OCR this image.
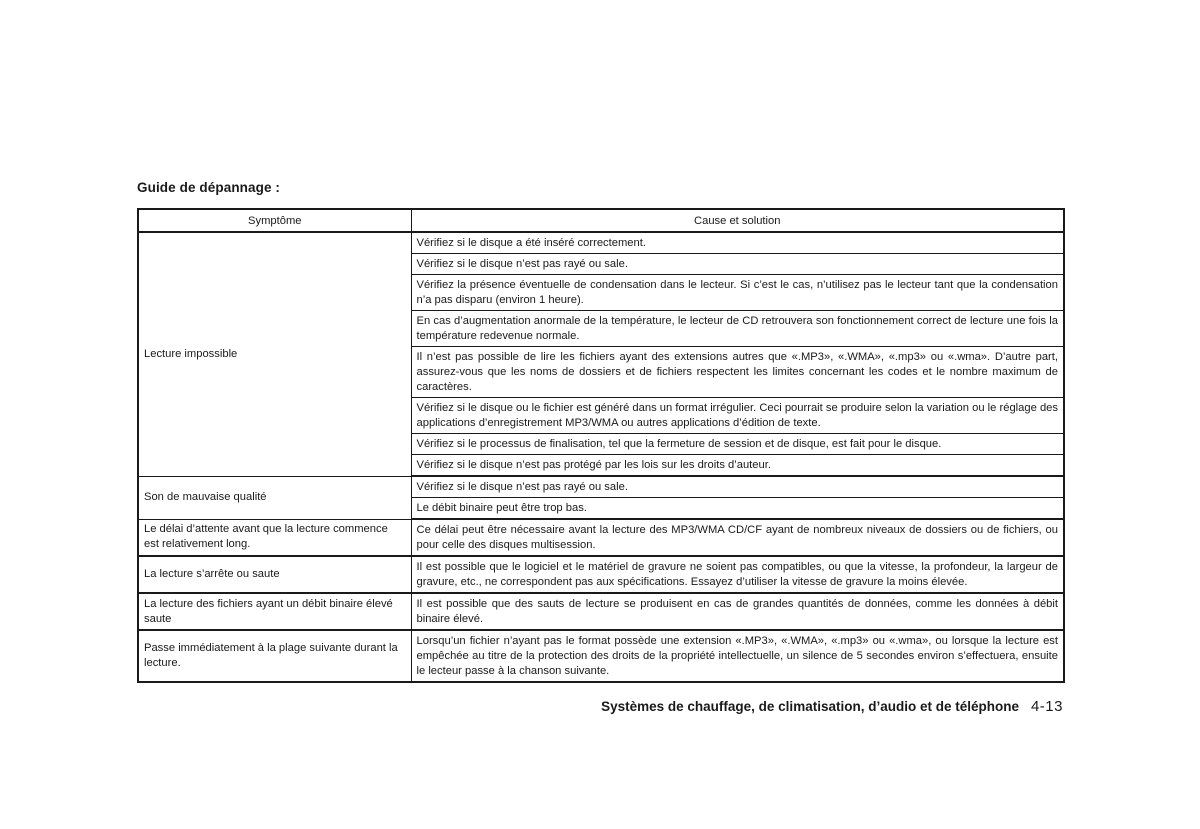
Guide de dépannage :
Symptôme	Cause et solution
Lecture impossible	Vérifiez si le disque a été inséré correctement.
	Vérifiez si le disque n’est pas rayé ou sale.
	Vérifiez la présence éventuelle de condensation dans le lecteur. Si c’est le cas, n’utilisez pas le lecteur tant que la condensation n’a pas disparu (environ 1 heure).
	En cas d’augmentation anormale de la température, le lecteur de CD retrouvera son fonctionnement correct de lecture une fois la température redevenue normale.
	Il n’est pas possible de lire les fichiers ayant des extensions autres que «.MP3», «.WMA», «.mp3» ou «.wma». D’autre part, assurez-vous que les noms de dossiers et de fichiers respectent les limites concernant les codes et le nombre maximum de caractères.
	Vérifiez si le disque ou le fichier est généré dans un format irrégulier. Ceci pourrait se produire selon la variation ou le réglage des applications d’enregistrement MP3/WMA ou autres applications d’édition de texte.
	Vérifiez si le processus de finalisation, tel que la fermeture de session et de disque, est fait pour le disque.
	Vérifiez si le disque n’est pas protégé par les lois sur les droits d’auteur.
Son de mauvaise qualité	Vérifiez si le disque n’est pas rayé ou sale.
	Le débit binaire peut être trop bas.
Le délai d’attente avant que la lecture commence est relativement long.	Ce délai peut être nécessaire avant la lecture des MP3/WMA CD/CF ayant de nombreux niveaux de dossiers ou de fichiers, ou pour celle des disques multisession.
La lecture s’arrête ou saute	Il est possible que le logiciel et le matériel de gravure ne soient pas compatibles, ou que la vitesse, la profondeur, la largeur de gravure, etc., ne correspondent pas aux spécifications. Essayez d’utiliser la vitesse de gravure la moins élevée.
La lecture des fichiers ayant un débit binaire élevé saute	Il est possible que des sauts de lecture se produisent en cas de grandes quantités de données, comme les données à débit binaire élevé.
Passe immédiatement à la plage suivante durant la lecture.	Lorsqu’un fichier n’ayant pas le format possède une extension «.MP3», «.WMA», «.mp3» ou «.wma», ou lorsque la lecture est empêchée au titre de la protection des droits de la propriété intellectuelle, un silence de 5 secondes environ s’effectuera, ensuite le lecteur passe à la chanson suivante.
Systèmes de chauffage, de climatisation, d’audio et de téléphone 4-13
